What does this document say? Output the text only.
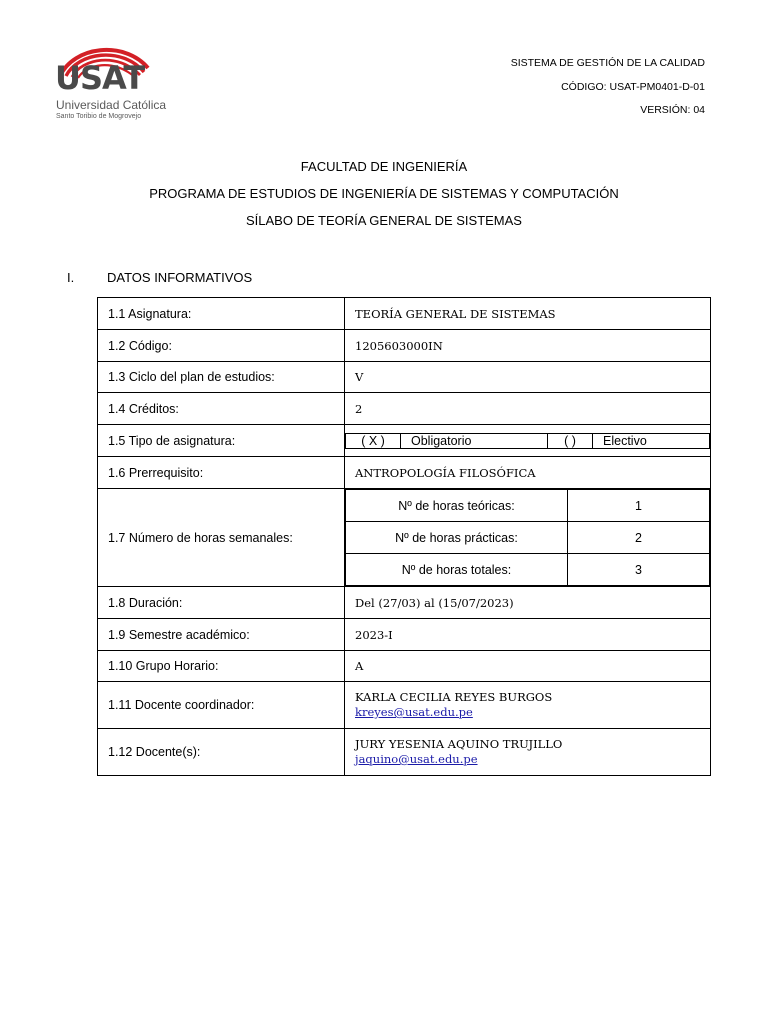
USAT
Universidad Católica
Santo Toribio de Mogrovejo
SISTEMA DE GESTIÓN DE LA CALIDAD
CÓDIGO: USAT-PM0401-D-01
VERSIÓN: 04
FACULTAD DE INGENIERÍA
PROGRAMA DE ESTUDIOS DE INGENIERÍA DE SISTEMAS Y COMPUTACIÓN
SÍLABO DE TEORÍA GENERAL DE SISTEMAS
I.	DATOS INFORMATIVOS
1.1 Asignatura:	TEORÍA GENERAL DE SISTEMAS
1.2 Código:	1205603000IN
1.3 Ciclo del plan de estudios:	V
1.4 Créditos:	2
1.5 Tipo de asignatura:		( X )	Obligatorio	( )	Electivo

1.6 Prerrequisito:	ANTROPOLOGÍA FILOSÓFICA
1.7 Número de horas semanales:	
Nº de horas teóricas:	1
Nº de horas prácticas:	2
Nº de horas totales:	3

1.8 Duración:	Del (27/03) al (15/07/2023)
1.9 Semestre académico:	2023-I
1.10 Grupo Horario:	A
1.11 Docente coordinador:	
KARLA CECILIA REYES BURGOS
kreyes@usat.edu.pe
1.12 Docente(s):	
JURY YESENIA AQUINO TRUJILLO
jaquino@usat.edu.pe
